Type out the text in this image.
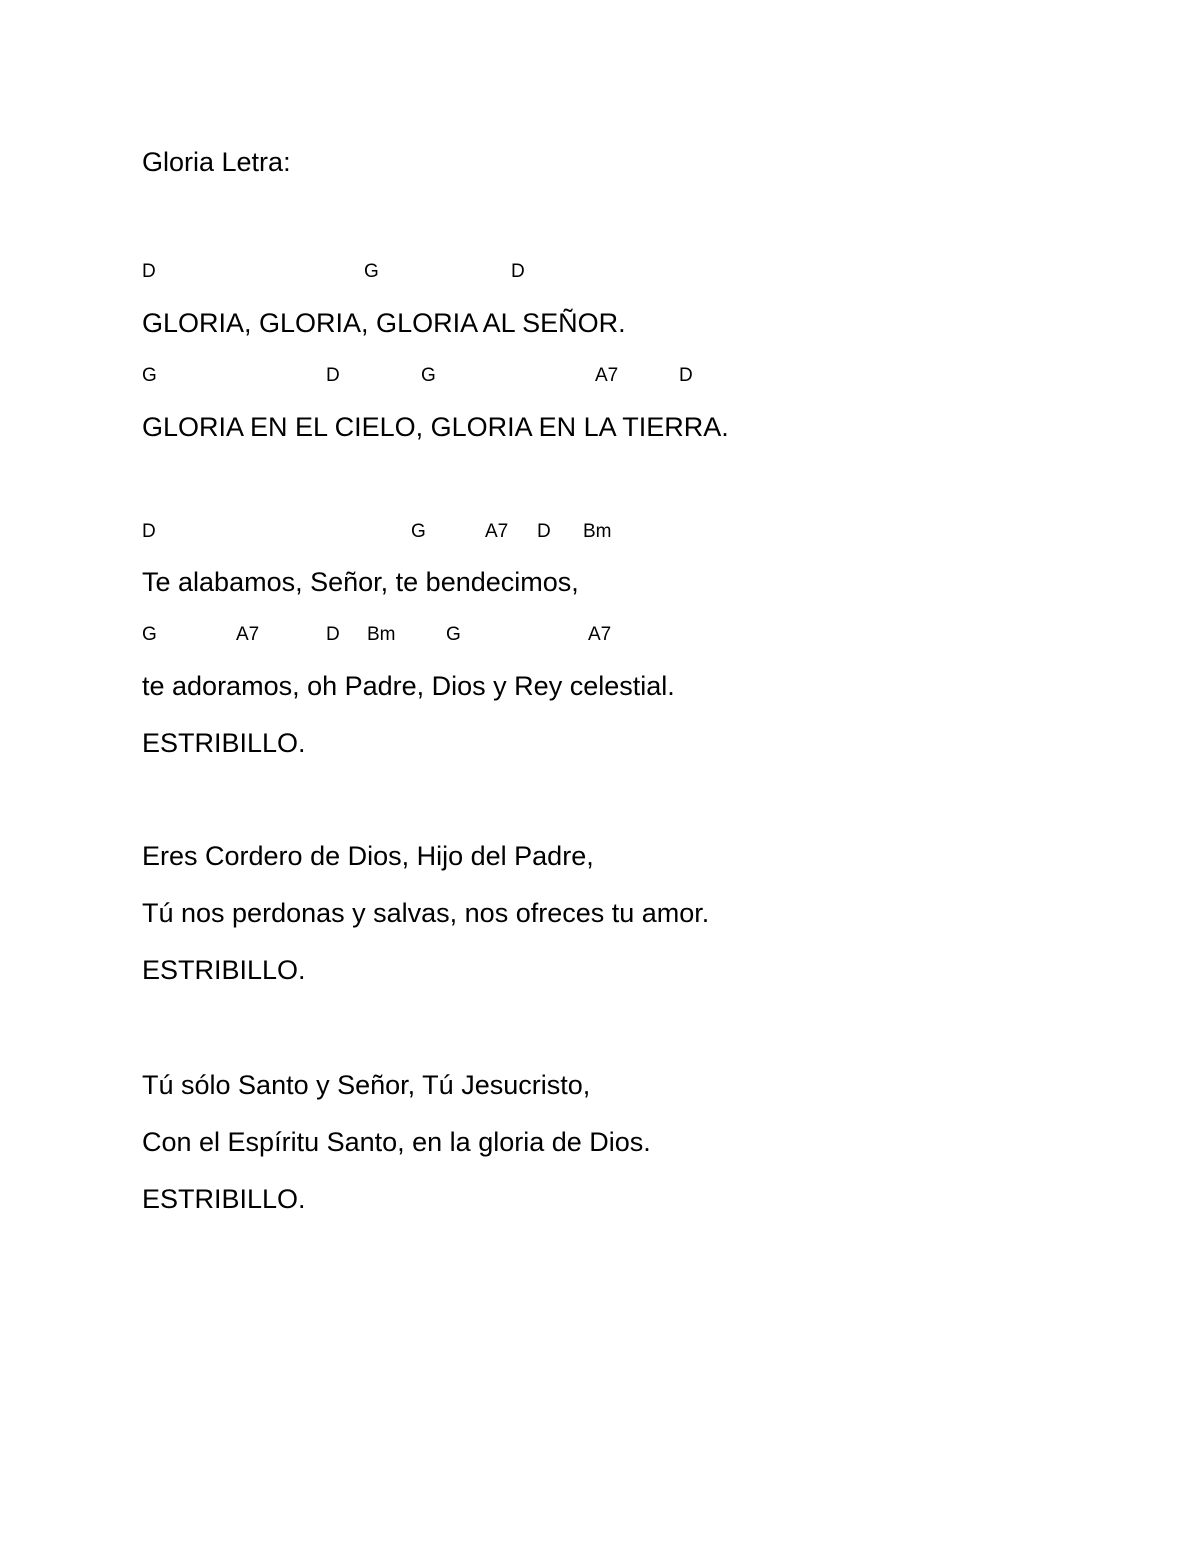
Gloria Letra:
D	G	D
GLORIA, GLORIA, GLORIA AL SEÑOR.
G	D	G	A7	D
GLORIA EN EL CIELO, GLORIA EN LA TIERRA.
D	G	A7 D Bm
Te alabamos, Señor, te bendecimos,
G	A7	D Bm	G	A7
te adoramos, oh Padre, Dios y Rey celestial.
ESTRIBILLO.
Eres Cordero de Dios, Hijo del Padre,
Tú nos perdonas y salvas, nos ofreces tu amor.
ESTRIBILLO.
Tú sólo Santo y Señor, Tú Jesucristo,
Con el Espíritu Santo, en la gloria de Dios.
ESTRIBILLO.
